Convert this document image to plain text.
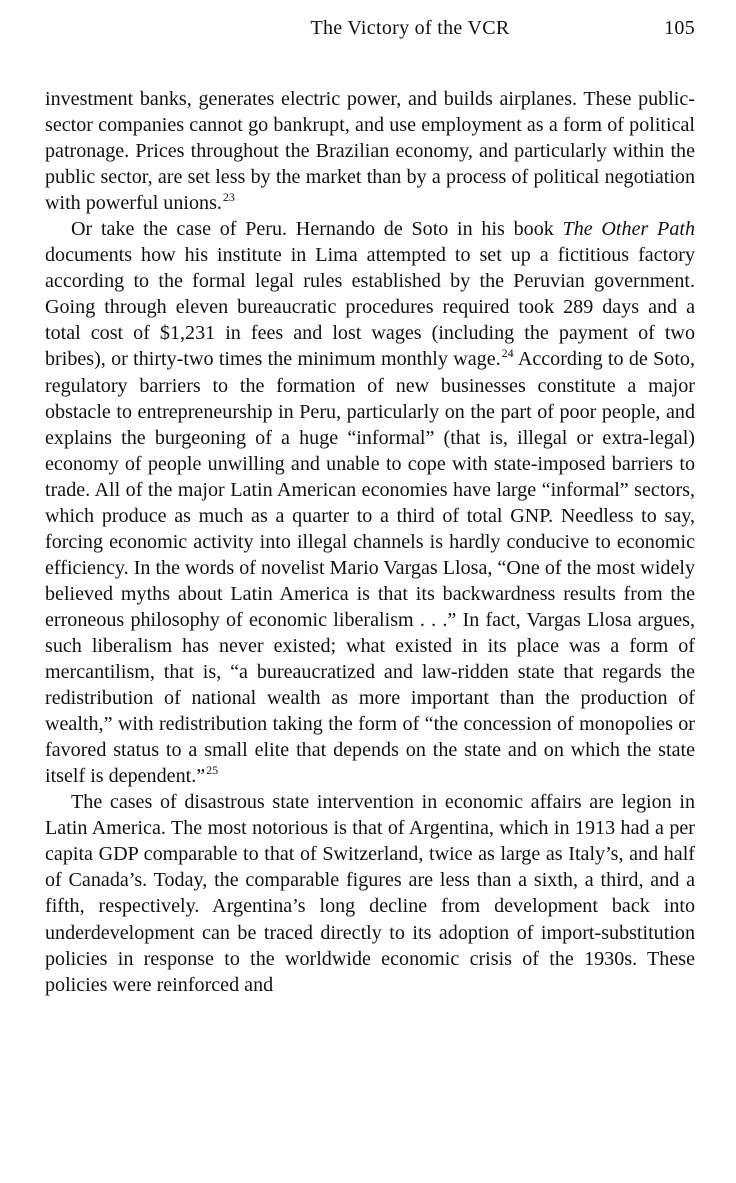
The Victory of the VCR	105

investment banks, generates electric power, and builds airplanes. These public-sector companies cannot go bankrupt, and use employment as a form of political patronage. Prices throughout the Brazilian economy, and particularly within the public sector, are set less by the market than by a process of political negotiation with powerful unions.$^{23}$

Or take the case of Peru. Hernando de Soto in his book The Other Path documents how his institute in Lima attempted to set up a fictitious factory according to the formal legal rules established by the Peruvian government. Going through eleven bureaucratic procedures required took 289 days and a total cost of $1,231 in fees and lost wages (including the payment of two bribes), or thirty-two times the minimum monthly wage.$^{24}$ According to de Soto, regulatory barriers to the formation of new businesses constitute a major obstacle to entrepreneurship in Peru, particularly on the part of poor people, and explains the burgeoning of a huge “informal” (that is, illegal or extra-legal) economy of people unwilling and unable to cope with state-imposed barriers to trade. All of the major Latin American economies have large “informal” sectors, which produce as much as a quarter to a third of total GNP. Needless to say, forcing economic activity into illegal channels is hardly conducive to economic efficiency. In the words of novelist Mario Vargas Llosa, “One of the most widely believed myths about Latin America is that its backwardness results from the erroneous philosophy of economic liberalism . . .” In fact, Vargas Llosa argues, such liberalism has never existed; what existed in its place was a form of mercantilism, that is, “a bureaucratized and law-ridden state that regards the redistribution of national wealth as more important than the production of wealth,” with redistribution taking the form of “the concession of monopolies or favored status to a small elite that depends on the state and on which the state itself is dependent.”$^{25}$

The cases of disastrous state intervention in economic affairs are legion in Latin America. The most notorious is that of Argentina, which in 1913 had a per capita GDP comparable to that of Switzerland, twice as large as Italy’s, and half of Canada’s. Today, the comparable figures are less than a sixth, a third, and a fifth, respectively. Argentina’s long decline from development back into underdevelopment can be traced directly to its adoption of import-substitution policies in response to the worldwide economic crisis of the 1930s. These policies were reinforced and
